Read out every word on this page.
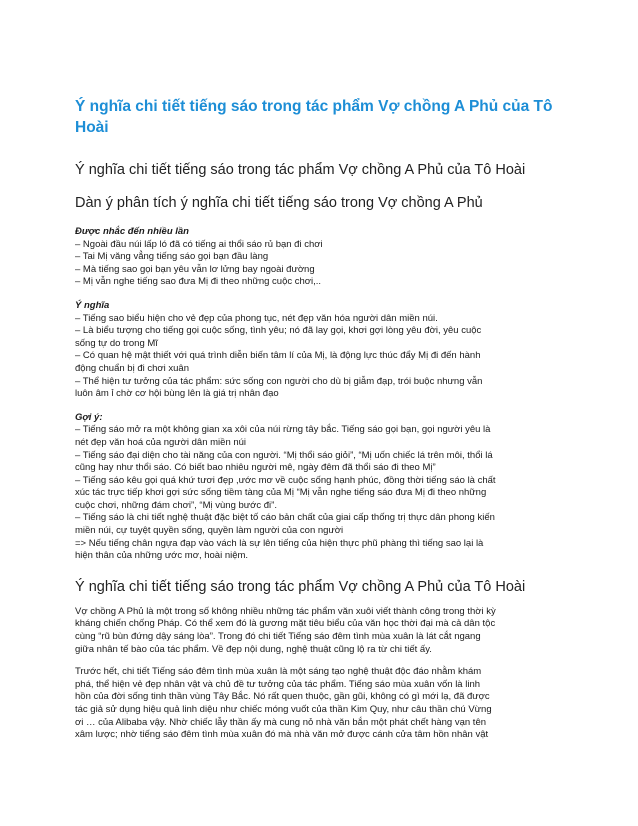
Ý nghĩa chi tiết tiếng sáo trong tác phẩm Vợ chồng A Phủ của Tô Hoài
Ý nghĩa chi tiết tiếng sáo trong tác phẩm Vợ chồng A Phủ của Tô Hoài
Dàn ý phân tích ý nghĩa chi tiết tiếng sáo trong Vợ chồng A Phủ
Được nhắc đến nhiều lần
– Ngoài đầu núi lấp ló đã có tiếng ai thổi sáo rủ bạn đi chơi
– Tai Mị văng vẳng tiếng sáo gọi bạn đầu làng
– Mà tiếng sao gọi bạn yêu vẫn lơ lửng bay ngoài đường
– Mị vẫn nghe tiếng sao đưa Mị đi theo những cuộc chơi,..
Ý nghĩa
– Tiếng sao biểu hiện cho vẻ đẹp của phong tục, nét đẹp văn hóa người dân miền núi.
– Là biểu tượng cho tiếng gọi cuộc sống, tình yêu; nó đã lay gọi, khơi gợi lòng yêu đời, yêu cuộc
sống tự do trong Mĩ
– Có quan hệ mật thiết với quá trình diễn biến tâm lí của Mị, là động lực thúc đẩy Mị đi đến hành
động chuẩn bị đi chơi xuân
– Thể hiện tư tưởng của tác phẩm: sức sống con người cho dù bị giẫm đạp, trói buộc nhưng vẫn
luôn âm ỉ chờ cơ hội bùng lên là giá trị nhân đạo
Gợi ý:
– Tiếng sáo mở ra một không gian xa xôi của núi rừng tây bắc. Tiếng sáo gọi bạn, gọi người yêu là
nét đẹp văn hoá của người dân miền núi
– Tiếng sáo đại diện cho tài năng của con người. “Mị thổi sáo giỏi”, “Mị uốn chiếc lá trên môi, thổi lá
cũng hay như thổi sáo. Có biết bao nhiêu người mê, ngày đêm đã thổi sáo đi theo Mị”
– Tiếng sáo kêu gọi quá khứ tươi đẹp ,ước mơ về cuộc sống hạnh phúc, đồng thời tiếng sáo là chất
xúc tác trực tiếp khơi gợi sức sống tiềm tàng của Mị “Mị vẫn nghe tiếng sáo đưa Mị đi theo những
cuộc chơi, những đám chơi”, “Mị vùng bước đi”.
– Tiếng sáo là chi tiết nghệ thuật đặc biệt tố cáo bản chất của giai cấp thống trị thực dân phong kiến
miền núi, cự tuyệt quyền sống, quyền làm người của con người
=> Nếu tiếng chân ngựa đạp vào vách là sự lên tiếng của hiện thực phũ phàng thì tiếng sao lại là
hiện thân của những ước mơ, hoài niệm.
Ý nghĩa chi tiết tiếng sáo trong tác phẩm Vợ chồng A Phủ của Tô Hoài
Vợ chồng A Phủ là một trong số không nhiều những tác phẩm văn xuôi viết thành công trong thời kỳ
kháng chiến chống Pháp. Có thể xem đó là gương mặt tiêu biểu của văn học thời đại mà cả dân tộc
cùng “rũ bùn đứng dậy sáng lòa”. Trong đó chi tiết Tiếng sáo đêm tình mùa xuân là lát cắt ngang
giữa nhân tế bào của tác phẩm. Về đẹp nội dung, nghệ thuật cũng lộ ra từ chi tiết ấy.
Trước hết, chi tiết Tiếng sáo đêm tình mùa xuân là một sáng tạo nghệ thuật độc đáo nhằm khám
phá, thể hiện vẻ đẹp nhân vật và chủ đề tư tưởng của tác phẩm. Tiếng sáo mùa xuân vốn là linh
hồn của đời sống tinh thần vùng Tây Bắc. Nó rất quen thuộc, gần gũi, không có gì mới lạ, đã được
tác giả sử dụng hiệu quả linh diệu như chiếc móng vuốt của thần Kim Quy, như câu thần chú Vừng
ơi … của Alibaba vậy. Nhờ chiếc lẫy thần ấy mà cung nỏ nhà văn bắn một phát chết hàng vạn tên
xâm lược; nhờ tiếng sáo đêm tình mùa xuân đó mà nhà văn mở được cánh cửa tâm hồn nhân vật
